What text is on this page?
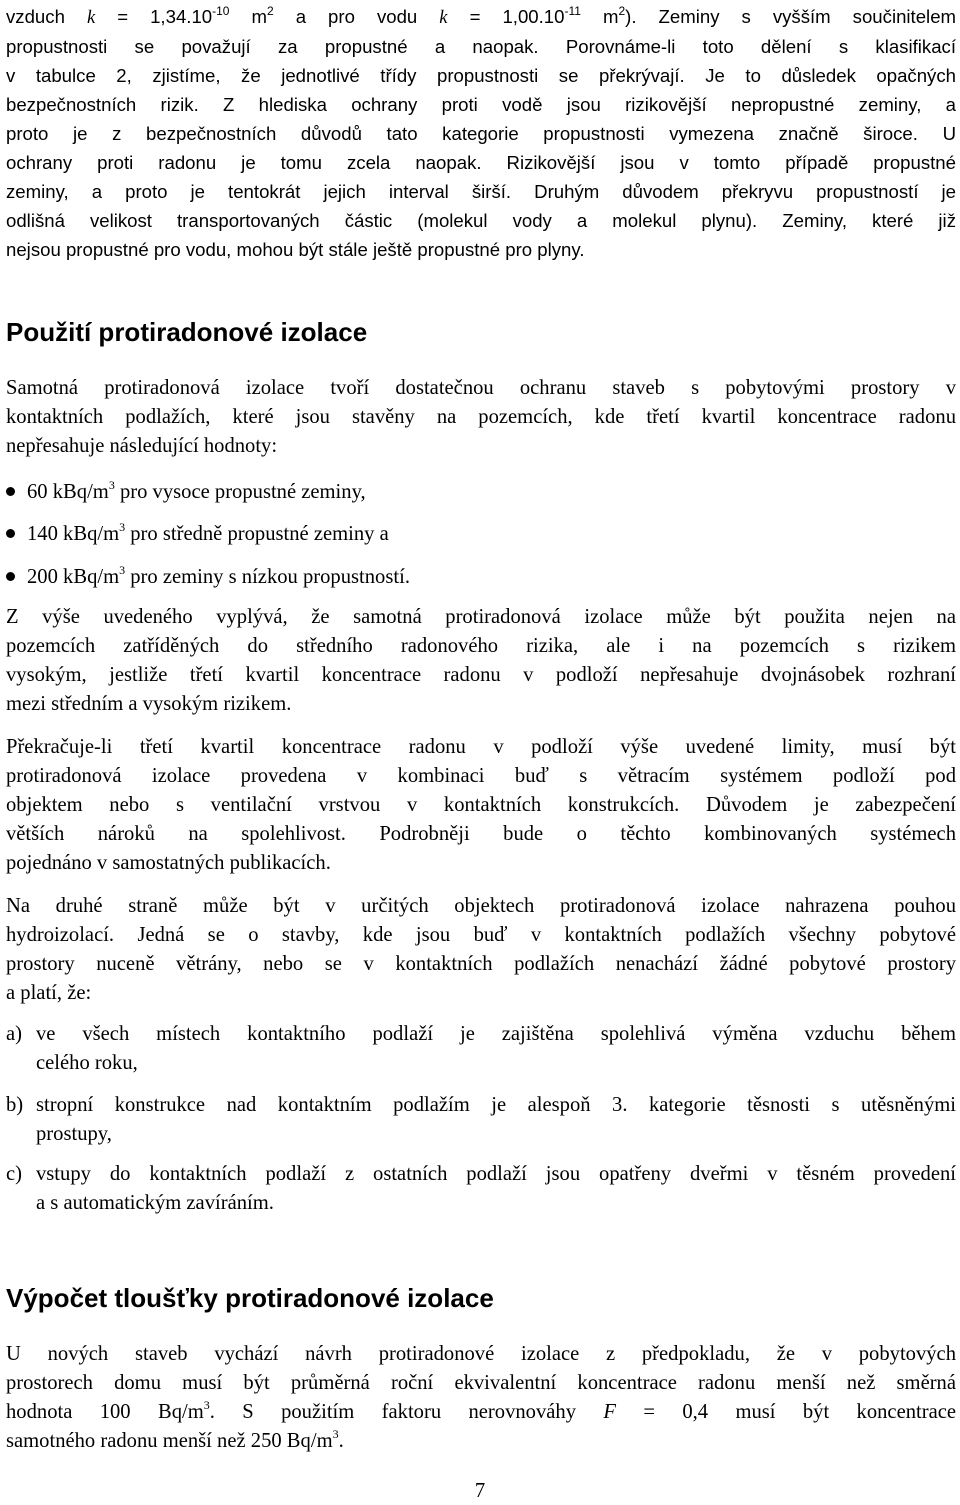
vzduch $k = 1,34.10^{-10}$ $m^2$ a pro vodu $k = 1,00.10^{-11}$ $m^2$). Zeminy s vyšším součinitelem
propustnosti se považují za propustné a naopak. Porovnáme-li toto dělení s klasifikací
v tabulce 2, zjistíme, že jednotlivé třídy propustnosti se překrývají. Je to důsledek opačných
bezpečnostních rizik. Z hlediska ochrany proti vodě jsou rizikovější nepropustné zeminy, a
proto je z bezpečnostních důvodů tato kategorie propustnosti vymezena značně široce. U
ochrany proti radonu je tomu zcela naopak. Rizikovější jsou v tomto případě propustné
zeminy, a proto je tentokrát jejich interval širší. Druhým důvodem překryvu propustností je
odlišná velikost transportovaných částic (molekul vody a molekul plynu). Zeminy, které již
nejsou propustné pro vodu, mohou být stále ještě propustné pro plyny.
Použití protiradonové izolace
Samotná protiradonová izolace tvoří dostatečnou ochranu staveb s pobytovými prostory v
kontaktních podlažích, které jsou stavěny na pozemcích, kde třetí kvartil koncentrace radonu
nepřesahuje následující hodnoty:
60 kBq/$m^3$ pro vysoce propustné zeminy,
140 kBq/$m^3$ pro středně propustné zeminy a
200 kBq/$m^3$ pro zeminy s nízkou propustností.
Z výše uvedeného vyplývá, že samotná protiradonová izolace může být použita nejen na
pozemcích zatříděných do středního radonového rizika, ale i na pozemcích s rizikem
vysokým, jestliže třetí kvartil koncentrace radonu v podloží nepřesahuje dvojnásobek rozhraní
mezi středním a vysokým rizikem.
Překračuje-li třetí kvartil koncentrace radonu v podloží výše uvedené limity, musí být
protiradonová izolace provedena v kombinaci buď s větracím systémem podloží pod
objektem nebo s ventilační vrstvou v kontaktních konstrukcích. Důvodem je zabezpečení
větších nároků na spolehlivost. Podrobněji bude o těchto kombinovaných systémech
pojednáno v samostatných publikacích.
Na druhé straně může být v určitých objektech protiradonová izolace nahrazena pouhou
hydroizolací. Jedná se o stavby, kde jsou buď v kontaktních podlažích všechny pobytové
prostory nuceně větrány, nebo se v kontaktních podlažích nenachází žádné pobytové prostory
a platí, že:
a) ve všech místech kontaktního podlaží je zajištěna spolehlivá výměna vzduchu během
celého roku,
b) stropní konstrukce nad kontaktním podlažím je alespoň 3. kategorie těsnosti s utěsněnými
prostupy,
c) vstupy do kontaktních podlaží z ostatních podlaží jsou opatřeny dveřmi v těsném provedení
a s automatickým zavíráním.
Výpočet tloušťky protiradonové izolace
U nových staveb vychází návrh protiradonové izolace z předpokladu, že v pobytových
prostorech domu musí být průměrná roční ekvivalentní koncentrace radonu menší než směrná
hodnota 100 $Bq/m^3$. S použitím faktoru nerovnováhy F = 0,4 musí být koncentrace
samotného radonu menší než 250 $Bq/m^3$.
7
